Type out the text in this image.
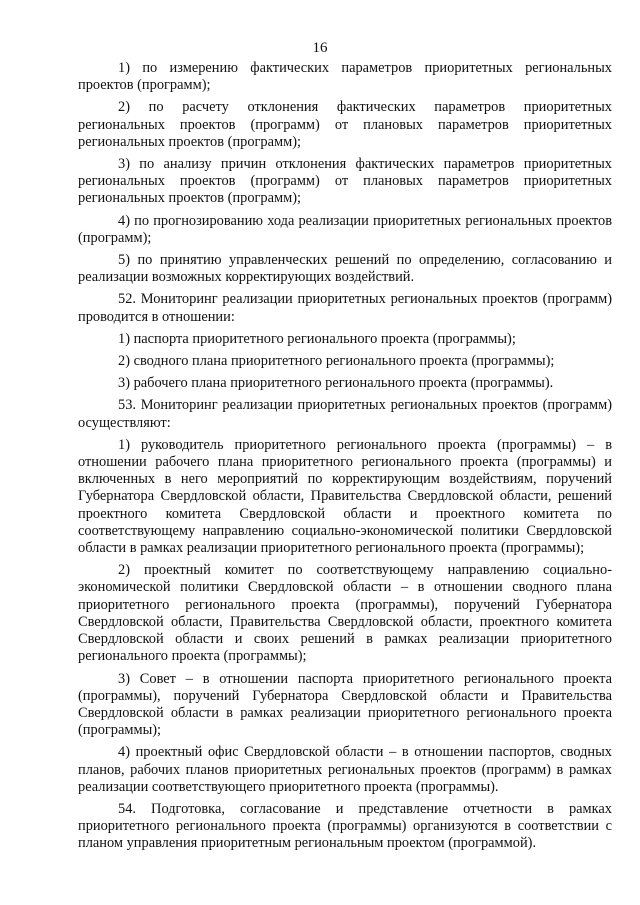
16

1) по измерению фактических параметров приоритетных региональных проектов (программ);

2) по расчету отклонения фактических параметров приоритетных региональных проектов (программ) от плановых параметров приоритетных региональных проектов (программ);

3) по анализу причин отклонения фактических параметров приоритетных региональных проектов (программ) от плановых параметров приоритетных региональных проектов (программ);

4) по прогнозированию хода реализации приоритетных региональных проектов (программ);

5) по принятию управленческих решений по определению, согласованию и реализации возможных корректирующих воздействий.

52. Мониторинг реализации приоритетных региональных проектов (программ) проводится в отношении:

1) паспорта приоритетного регионального проекта (программы);

2) сводного плана приоритетного регионального проекта (программы);

3) рабочего плана приоритетного регионального проекта (программы).

53. Мониторинг реализации приоритетных региональных проектов (программ) осуществляют:

1) руководитель приоритетного регионального проекта (программы) – в отношении рабочего плана приоритетного регионального проекта (программы) и включенных в него мероприятий по корректирующим воздействиям, поручений Губернатора Свердловской области, Правительства Свердловской области, решений проектного комитета Свердловской области и проектного комитета по соответствующему направлению социально-экономической политики Свердловской области в рамках реализации приоритетного регионального проекта (программы);

2) проектный комитет по соответствующему направлению социально-экономической политики Свердловской области – в отношении сводного плана приоритетного регионального проекта (программы), поручений Губернатора Свердловской области, Правительства Свердловской области, проектного комитета Свердловской области и своих решений в рамках реализации приоритетного регионального проекта (программы);

3) Совет – в отношении паспорта приоритетного регионального проекта (программы), поручений Губернатора Свердловской области и Правительства Свердловской области в рамках реализации приоритетного регионального проекта (программы);

4) проектный офис Свердловской области – в отношении паспортов, сводных планов, рабочих планов приоритетных региональных проектов (программ) в рамках реализации соответствующего приоритетного проекта (программы).

54. Подготовка, согласование и представление отчетности в рамках приоритетного регионального проекта (программы) организуются в соответствии с планом управления приоритетным региональным проектом (программой).
